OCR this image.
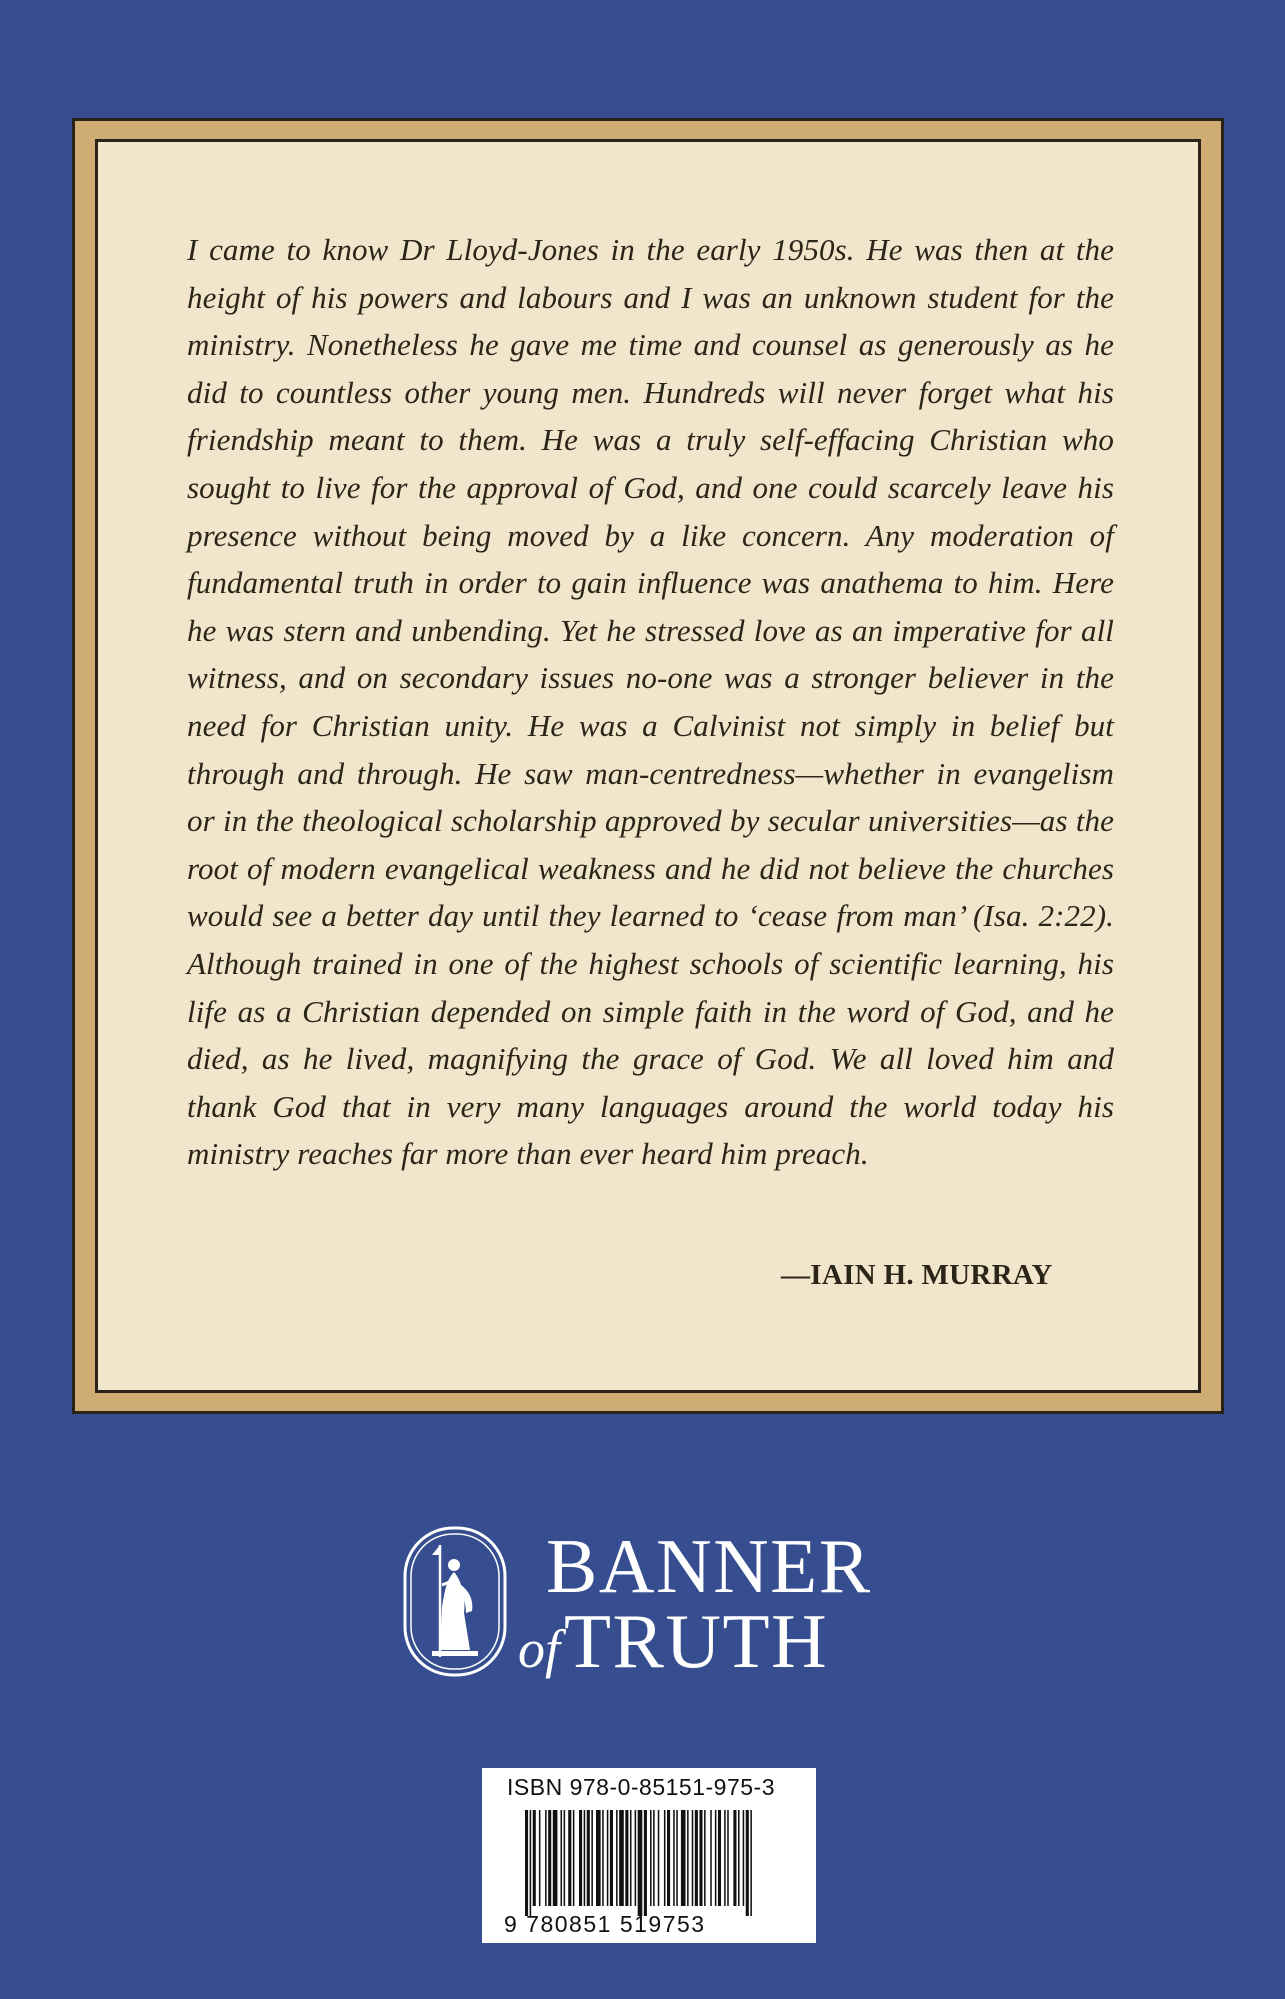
I came to know Dr Lloyd-Jones in the early 1950s. He was then at the height of his powers and labours and I was an unknown student for the ministry. Nonetheless he gave me time and counsel as generously as he did to countless other young men. Hundreds will never forget what his friendship meant to them. He was a truly self-effacing Christian who sought to live for the approval of God, and one could scarcely leave his presence without being moved by a like concern. Any moderation of fundamental truth in order to gain influence was anathema to him. Here he was stern and unbending. Yet he stressed love as an imperative for all witness, and on secondary issues no-one was a stronger believer in the need for Christian unity. He was a Calvinist not simply in belief but through and through. He saw man-centredness—whether in evangelism or in the theological scholarship approved by secular universities—as the root of modern evangelical weakness and he did not believe the churches would see a better day until they learned to ‘cease from man’ (Isa. 2:22). Although trained in one of the highest schools of scientific learning, his life as a Christian depended on simple faith in the word of God, and he died, as he lived, magnifying the grace of God. We all loved him and thank God that in very many languages around the world today his ministry reaches far more than ever heard him preach.

—IAIN H. MURRAY

BANNER

ofTRUTH

ISBN 978-0-85151-975-3

9 780851 519753
